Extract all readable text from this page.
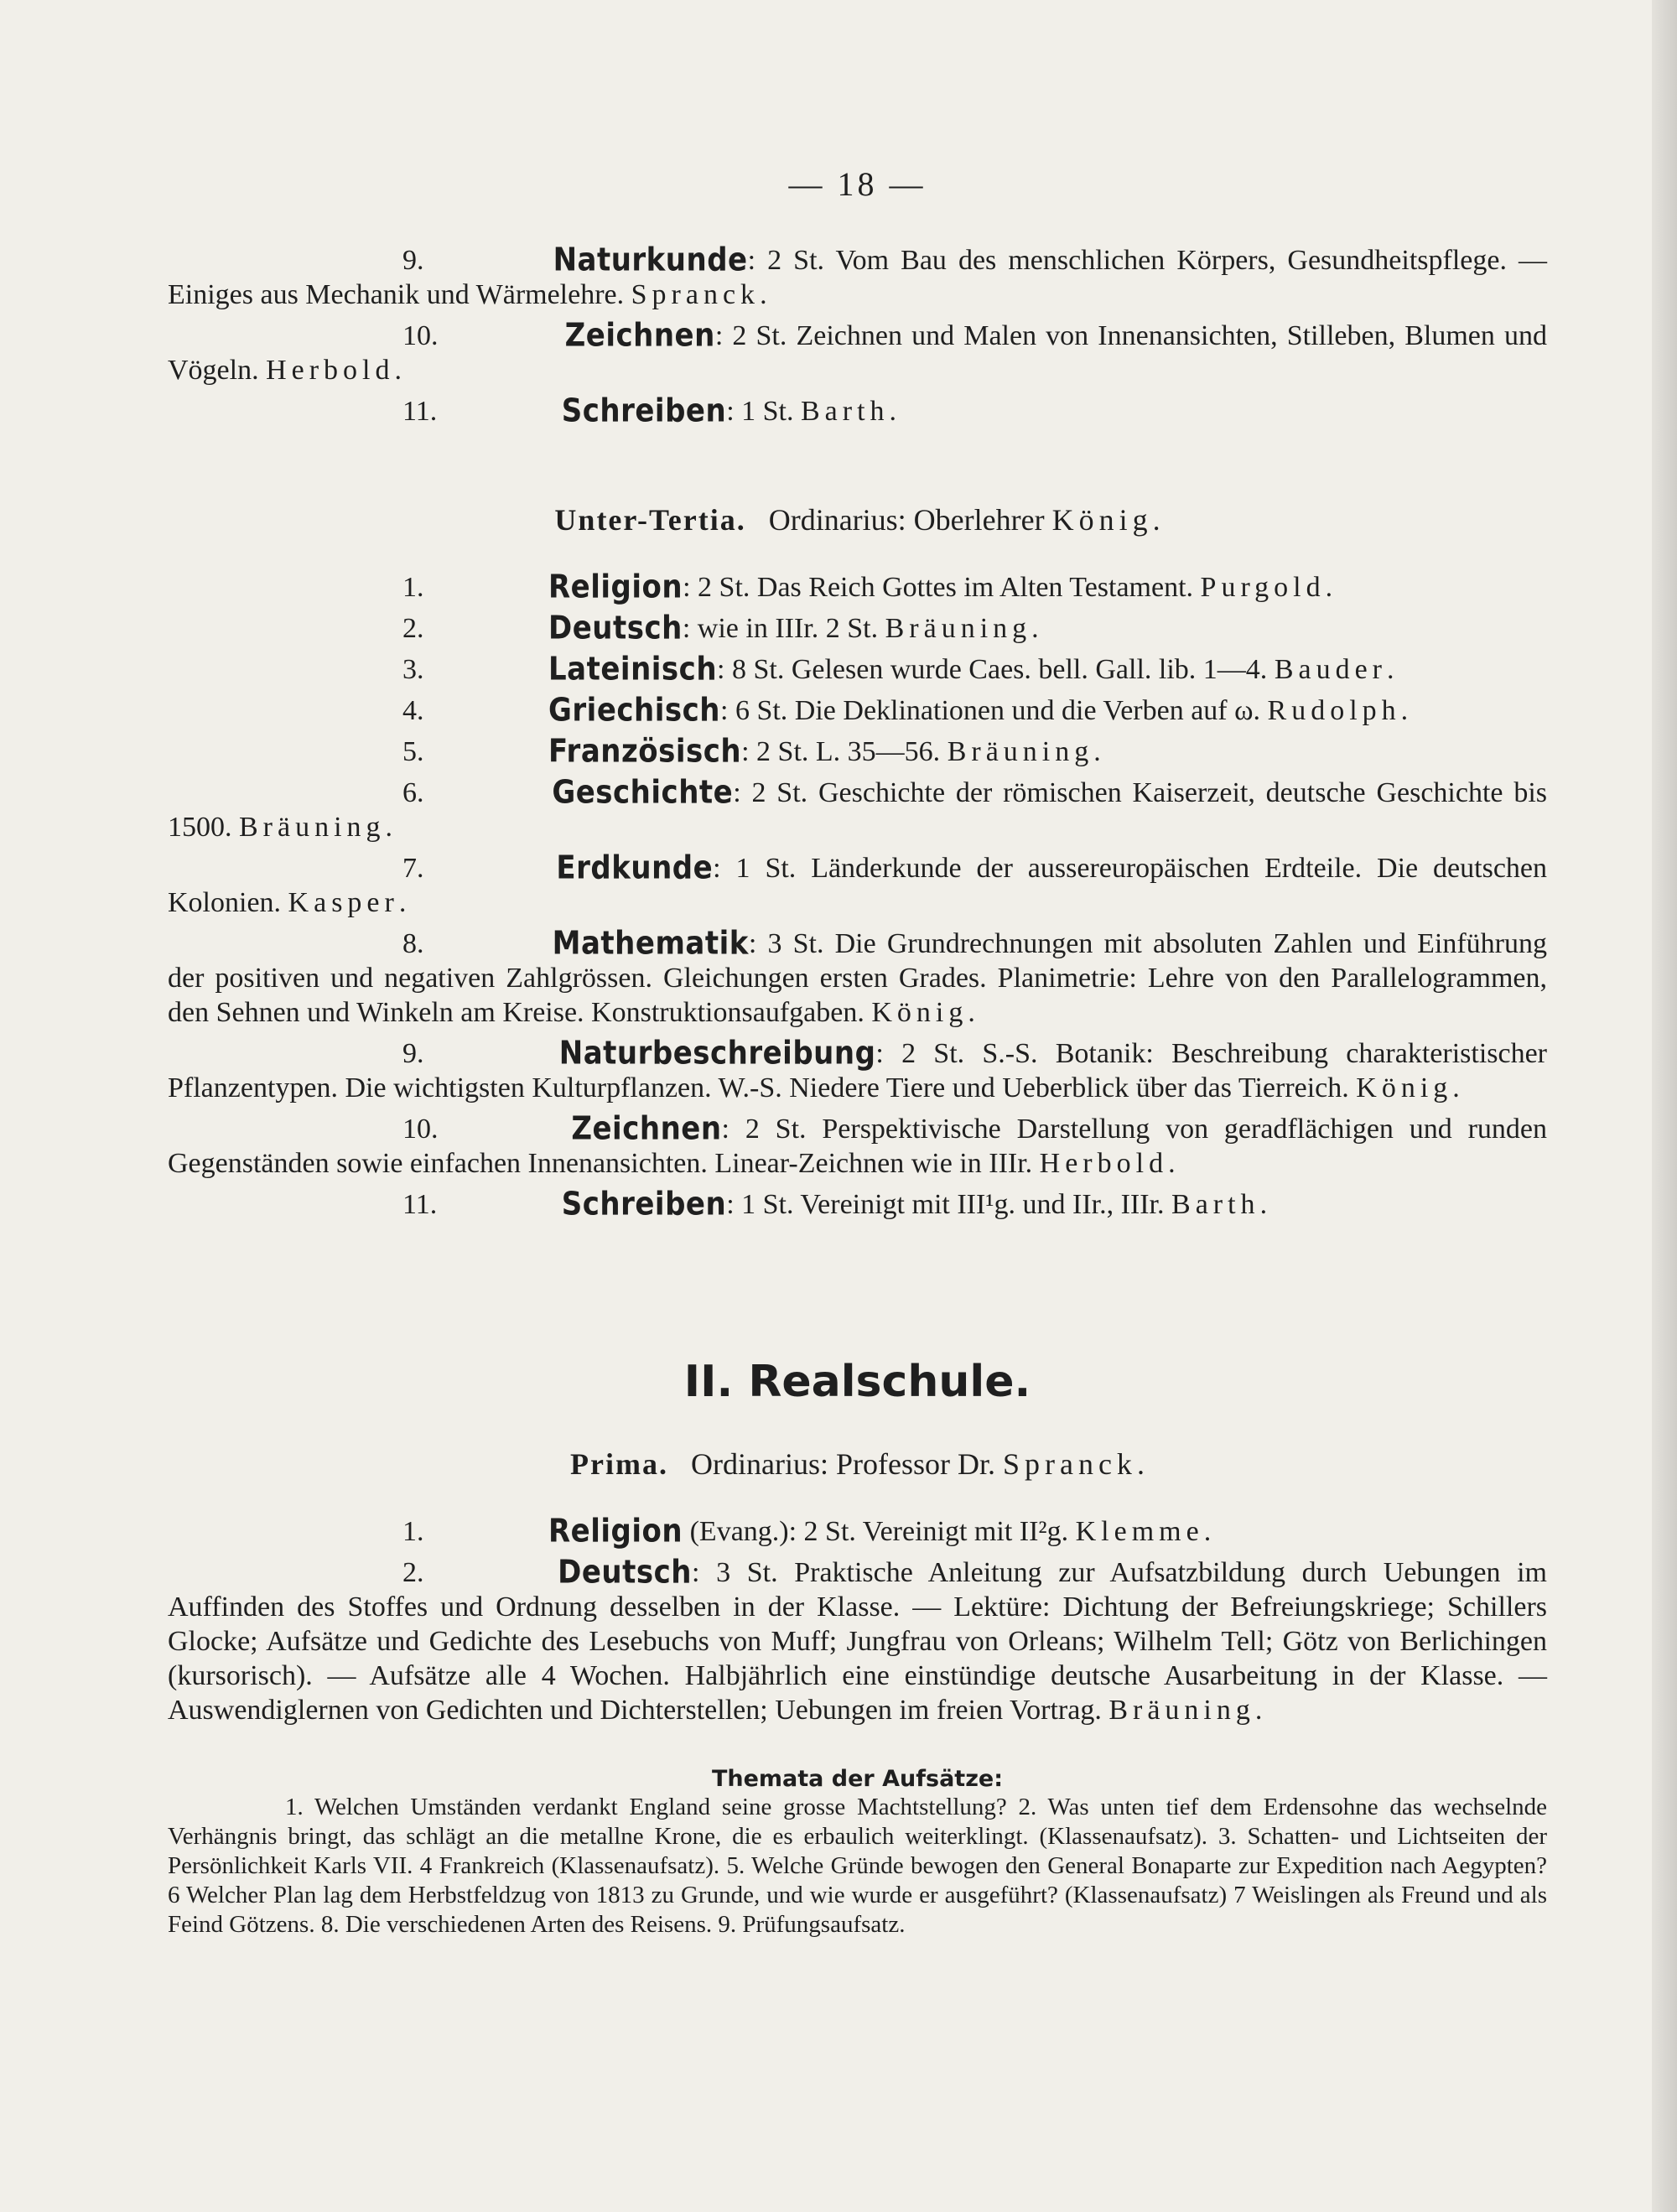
— 18 —

9.	Naturkunde: 2 St. Vom Bau des menschlichen Körpers, Gesundheitspflege. — Einiges aus Mechanik und Wärmelehre. Spranck.

10.	Zeichnen: 2 St. Zeichnen und Malen von Innenansichten, Stilleben, Blumen und Vögeln. Herbold.

11.	Schreiben: 1 St. Barth.

Unter-Tertia. Ordinarius: Oberlehrer König.

1.	Religion: 2 St. Das Reich Gottes im Alten Testament. Purgold.

2.	Deutsch: wie in IIIr. 2 St. Bräuning.

3.	Lateinisch: 8 St. Gelesen wurde Caes. bell. Gall. lib. 1—4. Bauder.

4.	Griechisch: 6 St. Die Deklinationen und die Verben auf ω. Rudolph.

5.	Französisch: 2 St. L. 35—56. Bräuning.

6.	Geschichte: 2 St. Geschichte der römischen Kaiserzeit, deutsche Geschichte bis 1500. Bräuning.

7.	Erdkunde: 1 St. Länderkunde der aussereuropäischen Erdteile. Die deutschen Kolonien. Kasper.

8.	Mathematik: 3 St. Die Grundrechnungen mit absoluten Zahlen und Einführung der positiven und negativen Zahlgrössen. Gleichungen ersten Grades. Planimetrie: Lehre von den Parallelogrammen, den Sehnen und Winkeln am Kreise. Konstruktionsaufgaben. König.

9.	Naturbeschreibung: 2 St. S.-S. Botanik: Beschreibung charakteristischer Pflanzentypen. Die wichtigsten Kulturpflanzen. W.-S. Niedere Tiere und Ueberblick über das Tierreich. König.

10.	Zeichnen: 2 St. Perspektivische Darstellung von geradflächigen und runden Gegenständen sowie einfachen Innenansichten. Linear-Zeichnen wie in IIIr. Herbold.

11.	Schreiben: 1 St. Vereinigt mit III¹g. und IIr., IIIr. Barth.

II. Realschule.

Prima. Ordinarius: Professor Dr. Spranck.

1.	Religion (Evang.): 2 St. Vereinigt mit II²g. Klemme.

2.	Deutsch: 3 St. Praktische Anleitung zur Aufsatzbildung durch Uebungen im Auffinden des Stoffes und Ordnung desselben in der Klasse. — Lektüre: Dichtung der Befreiungskriege; Schillers Glocke; Aufsätze und Gedichte des Lesebuchs von Muff; Jungfrau von Orleans; Wilhelm Tell; Götz von Berlichingen (kursorisch). — Aufsätze alle 4 Wochen. Halbjährlich eine einstündige deutsche Ausarbeitung in der Klasse. — Auswendiglernen von Gedichten und Dichterstellen; Uebungen im freien Vortrag. Bräuning.

Themata der Aufsätze:

1. Welchen Umständen verdankt England seine grosse Machtstellung? 2. Was unten tief dem Erdensohne das wechselnde Verhängnis bringt, das schlägt an die metallne Krone, die es erbaulich weiterklingt. (Klassenaufsatz). 3. Schatten- und Lichtseiten der Persönlichkeit Karls VII. 4 Frankreich (Klassenaufsatz). 5. Welche Gründe bewogen den General Bonaparte zur Expedition nach Aegypten? 6 Welcher Plan lag dem Herbstfeldzug von 1813 zu Grunde, und wie wurde er ausgeführt? (Klassenaufsatz) 7 Weislingen als Freund und als Feind Götzens. 8. Die verschiedenen Arten des Reisens. 9. Prüfungsaufsatz.
